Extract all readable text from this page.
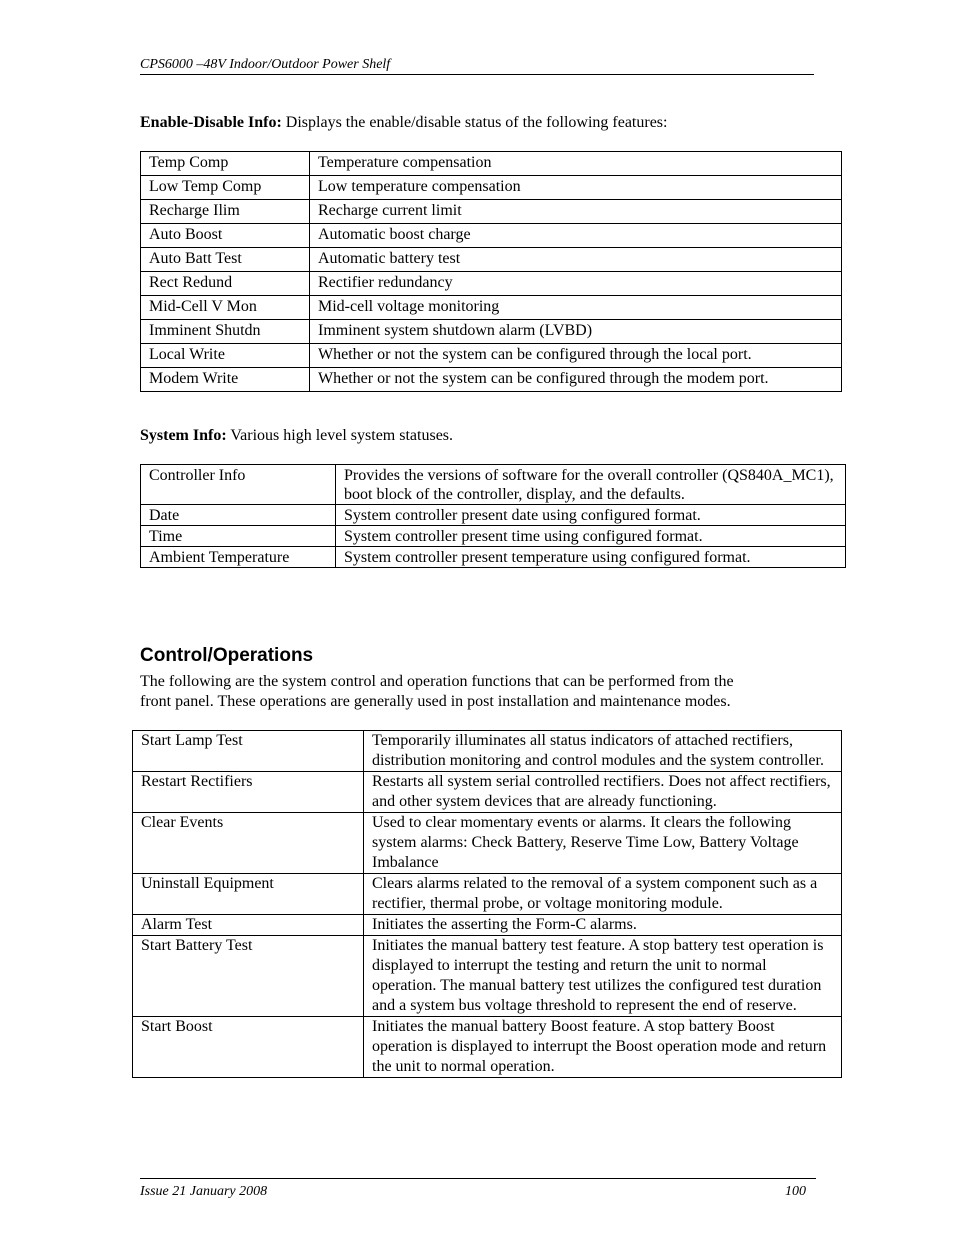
CPS6000 –48V Indoor/Outdoor Power Shelf

Enable-Disable Info: Displays the enable/disable status of the following features:

Temp Comp	Temperature compensation
Low Temp Comp	Low temperature compensation
Recharge Ilim	Recharge current limit
Auto Boost	Automatic boost charge
Auto Batt Test	Automatic battery test
Rect Redund	Rectifier redundancy
Mid-Cell V Mon	Mid-cell voltage monitoring
Imminent Shutdn	Imminent system shutdown alarm (LVBD)
Local Write	Whether or not the system can be configured through the local port.
Modem Write	Whether or not the system can be configured through the modem port.

System Info: Various high level system statuses.

Controller Info	Provides the versions of software for the overall controller (QS840A_MC1), boot block of the controller, display, and the defaults.
Date	System controller present date using configured format.
Time	System controller present time using configured format.
Ambient Temperature	System controller present temperature using configured format.
Control/Operations

The following are the system control and operation functions that can be performed from the
front panel. These operations are generally used in post installation and maintenance modes.

Start Lamp Test	Temporarily illuminates all status indicators of attached rectifiers, distribution monitoring and control modules and the system controller.
Restart Rectifiers	Restarts all system serial controlled rectifiers. Does not affect rectifiers, and other system devices that are already functioning.
Clear Events	Used to clear momentary events or alarms. It clears the following system alarms: Check Battery, Reserve Time Low, Battery Voltage Imbalance
Uninstall Equipment	Clears alarms related to the removal of a system component such as a rectifier, thermal probe, or voltage monitoring module.
Alarm Test	Initiates the asserting the Form-C alarms.
Start Battery Test	Initiates the manual battery test feature. A stop battery test operation is displayed to interrupt the testing and return the unit to normal operation. The manual battery test utilizes the configured test duration and a system bus voltage threshold to represent the end of reserve.
Start Boost	Initiates the manual battery Boost feature. A stop battery Boost operation is displayed to interrupt the Boost operation mode and return the unit to normal operation.
Issue 21 January 2008	100
